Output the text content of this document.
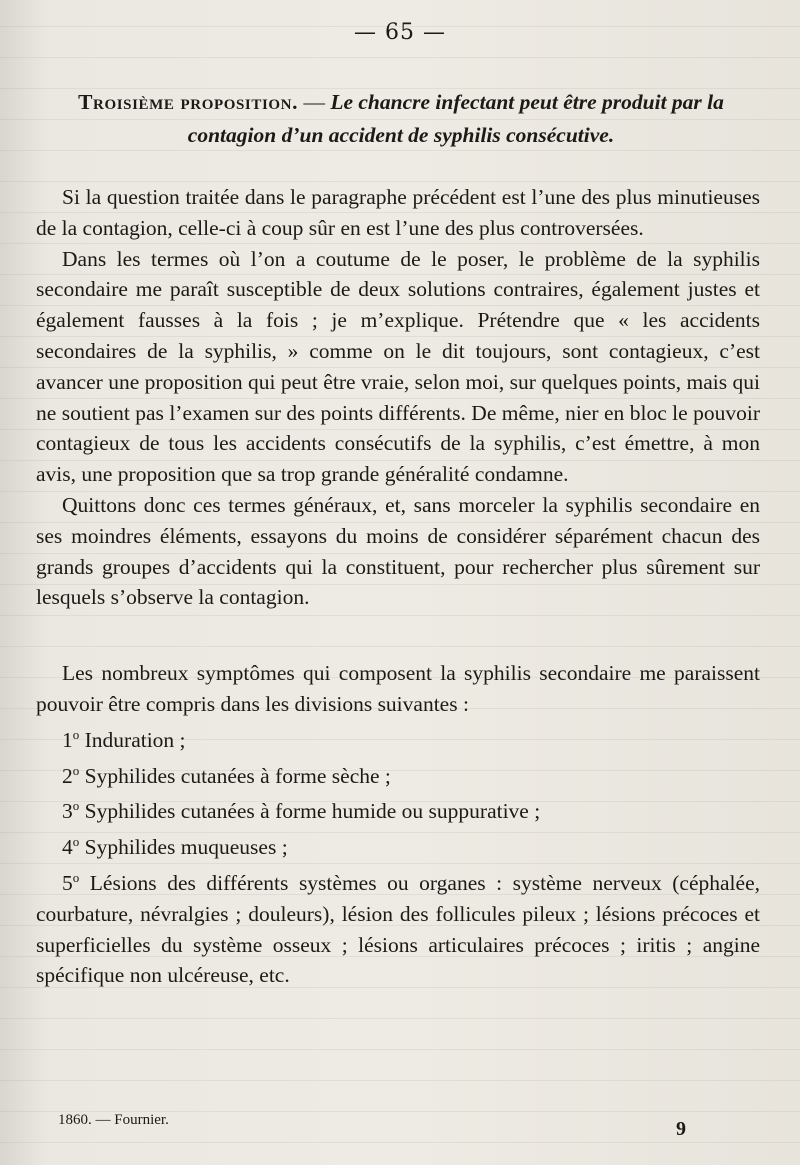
— 65 —
Troisième proposition. — Le chancre infectant peut être produit par la contagion d’un accident de syphilis consécutive.

Si la question traitée dans le paragraphe précédent est l’une des plus minutieuses de la contagion, celle-ci à coup sûr en est l’une des plus controversées.

Dans les termes où l’on a coutume de le poser, le problème de la syphilis secondaire me paraît susceptible de deux solutions contraires, également justes et également fausses à la fois ; je m’explique. Prétendre que « les accidents secondaires de la syphilis, » comme on le dit toujours, sont contagieux, c’est avancer une proposition qui peut être vraie, selon moi, sur quelques points, mais qui ne soutient pas l’examen sur des points différents. De même, nier en bloc le pouvoir contagieux de tous les accidents consécutifs de la syphilis, c’est émettre, à mon avis, une proposition que sa trop grande généralité condamne.

Quittons donc ces termes généraux, et, sans morceler la syphilis secondaire en ses moindres éléments, essayons du moins de considérer séparément chacun des grands groupes d’accidents qui la constituent, pour rechercher plus sûrement sur lesquels s’observe la contagion.

Les nombreux symptômes qui composent la syphilis secondaire me paraissent pouvoir être compris dans les divisions suivantes :

1$^o$ Induration ;
2$^o$ Syphilides cutanées à forme sèche ;
3$^o$ Syphilides cutanées à forme humide ou suppurative ;
4$^o$ Syphilides muqueuses ;
5$^o$ Lésions des différents systèmes ou organes : système nerveux (céphalée, courbature, névralgies ; douleurs), lésion des follicules pileux ; lésions précoces et superficielles du système osseux ; lésions articulaires précoces ; iritis ; angine spécifique non ulcéreuse, etc.
1860. — Fournier.	9
